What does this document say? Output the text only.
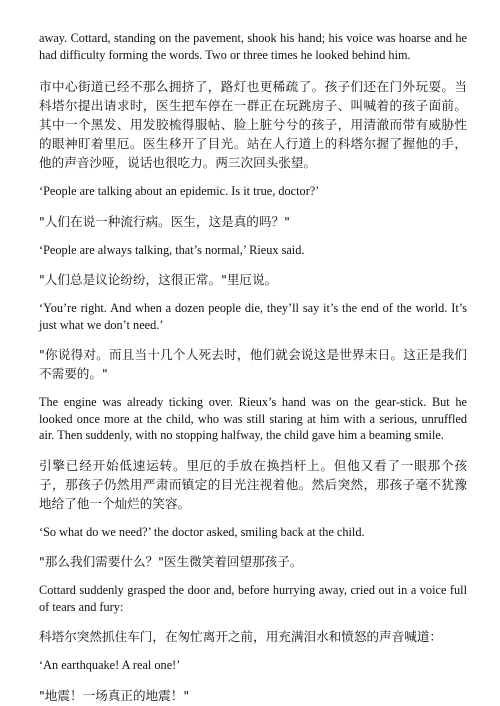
away. Cottard, standing on the pavement, shook his hand; his voice was hoarse and he had difficulty forming the words. Two or three times he looked behind him.

市中心街道已经不那么拥挤了，路灯也更稀疏了。孩子们还在门外玩耍。当科塔尔提出请求时，医生把车停在一群正在玩跳房子、叫喊着的孩子面前。其中一个黑发、用发胶梳得服帖、脸上脏兮兮的孩子，用清澈而带有威胁性的眼神盯着里厄。医生移开了目光。站在人行道上的科塔尔握了握他的手，他的声音沙哑，说话也很吃力。两三次回头张望。

‘People are talking about an epidemic. Is it true, doctor?’

"人们在说一种流行病。医生，这是真的吗？"

‘People are always talking, that’s normal,’ Rieux said.

"人们总是议论纷纷，这很正常。"里厄说。

‘You’re right. And when a dozen people die, they’ll say it’s the end of the world. It’s just what we don’t need.’

"你说得对。而且当十几个人死去时，他们就会说这是世界末日。这正是我们不需要的。"

The engine was already ticking over. Rieux’s hand was on the gear-stick. But he looked once more at the child, who was still staring at him with a serious, unruffled air. Then suddenly, with no stopping halfway, the child gave him a beaming smile.

引擎已经开始低速运转。里厄的手放在换挡杆上。但他又看了一眼那个孩子，那孩子仍然用严肃而镇定的目光注视着他。然后突然，那孩子毫不犹豫地给了他一个灿烂的笑容。

‘So what do we need?’ the doctor asked, smiling back at the child.

"那么我们需要什么？"医生微笑着回望那孩子。

Cottard suddenly grasped the door and, before hurrying away, cried out in a voice full of tears and fury:

科塔尔突然抓住车门，在匆忙离开之前，用充满泪水和愤怒的声音喊道：

‘An earthquake! A real one!’

"地震！一场真正的地震！"
